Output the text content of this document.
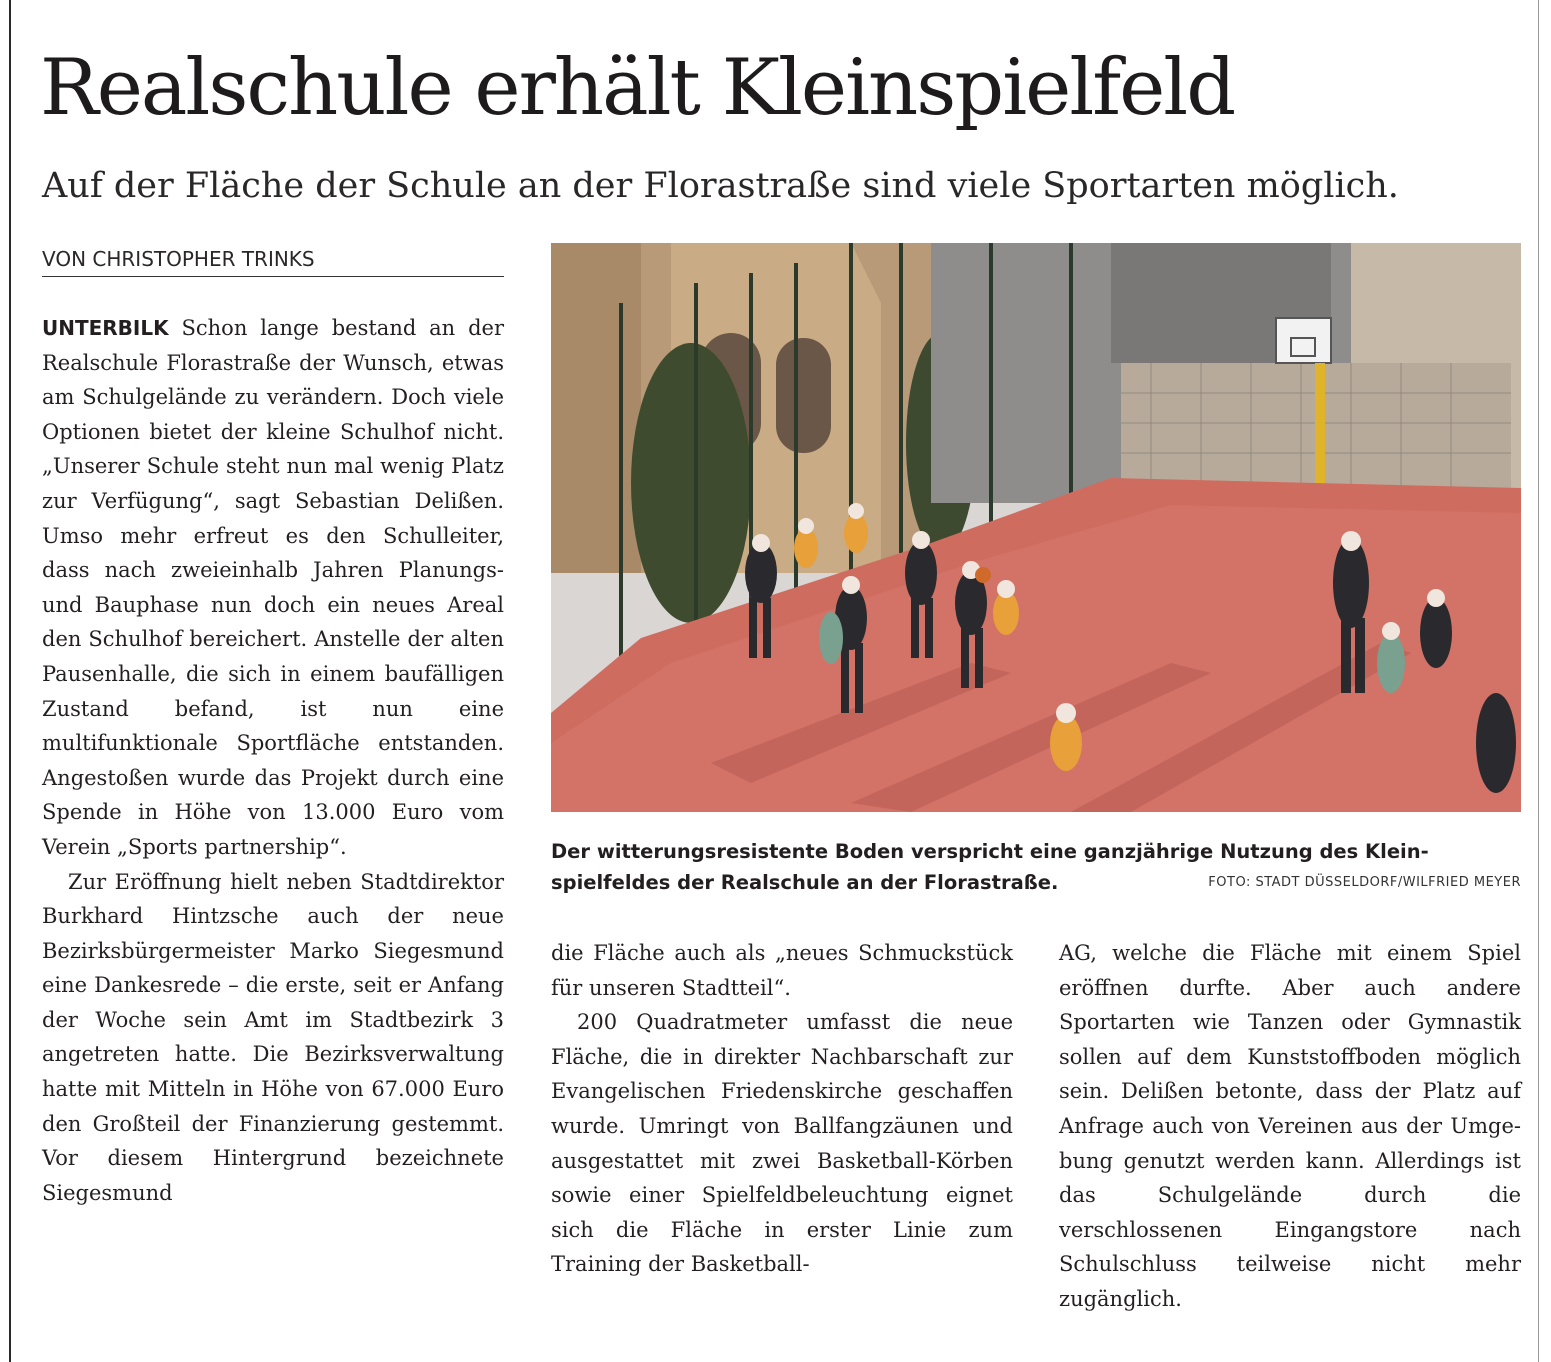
Realschule erhält Kleinspielfeld
Auf der Fläche der Schule an der Florastraße sind viele Sportarten möglich.
VON CHRISTOPHER TRINKS

UNTERBILK Schon lange bestand an der Realschule Florastraße der Wunsch, etwas am Schulgelände zu verändern. Doch viele Optionen bietet der kleine Schulhof nicht. „Unserer Schule steht nun mal wenig Platz zur Verfügung“, sagt Sebastian Delißen. Umso mehr erfreut es den Schulleiter, dass nach zweieinhalb Jahren Planungs- und Bauphase nun doch ein neues Areal den Schulhof bereichert. Anstelle der alten Pausenhalle, die sich in einem baufälligen Zustand befand, ist nun eine multifunktionale Sportfläche entstanden. Angestoßen wurde das Projekt durch eine Spende in Höhe von 13.000 Euro vom Verein „Sports partnership“.

Zur Eröffnung hielt neben Stadtdirektor Burkhard Hintzsche auch der neue Bezirksbürgermeister Marko Siegesmund eine Dankesrede – die erste, seit er Anfang der Woche sein Amt im Stadtbezirk 3 angetreten hatte. Die Bezirksverwaltung hatte mit Mitteln in Höhe von 67.000 Euro den Großteil der Finanzierung gestemmt. Vor diesem Hintergrund bezeichnete Siegesmund

Der witterungsresistente Boden verspricht eine ganzjährige Nutzung des Kleinspielfeldes der Realschule an der Florastraße.	FOTO: STADT DÜSSELDORF/WILFRIED MEYER

die Fläche auch als „neues Schmuckstück für unseren Stadtteil“.

200 Quadratmeter umfasst die neue Fläche, die in direkter Nachbarschaft zur Evangelischen Friedenskirche geschaffen wurde. Umringt von Ballfangzäunen und ausgestattet mit zwei Basketball-Körben sowie einer Spielfeldbeleuchtung eignet sich die Fläche in erster Linie zum Training der Basketball-

AG, welche die Fläche mit einem Spiel eröffnen durfte. Aber auch andere Sportarten wie Tanzen oder Gymnastik sollen auf dem Kunststoffboden möglich sein. Delißen betonte, dass der Platz auf Anfrage auch von Vereinen aus der Umgebung genutzt werden kann. Allerdings ist das Schulgelände durch die verschlossenen Eingangstore nach Schulschluss teilweise nicht mehr zugänglich.
